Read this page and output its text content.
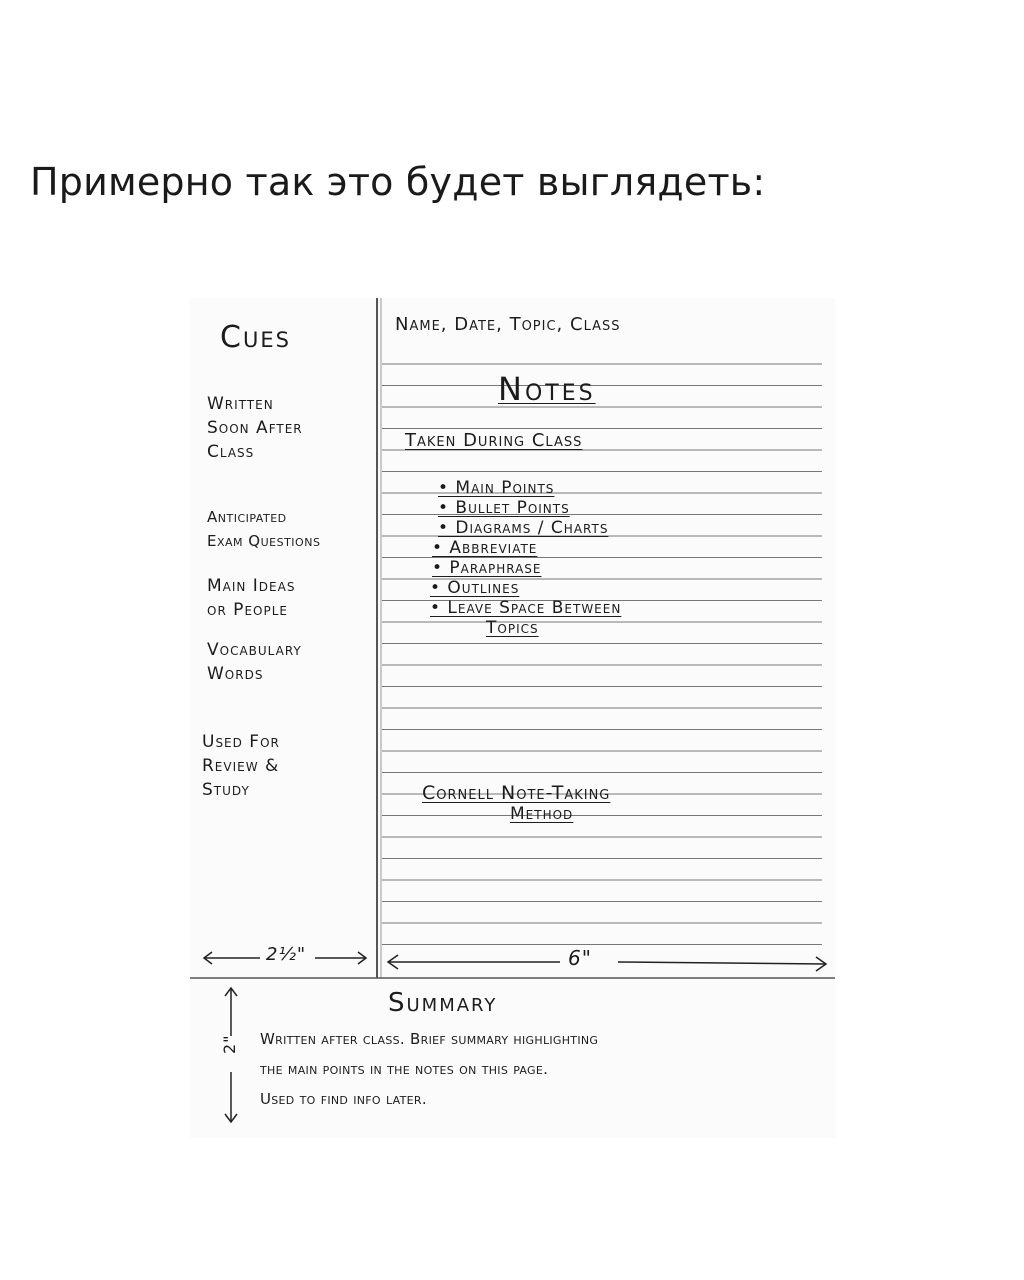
Примерно так это будет выглядеть:
Cues
Written
Soon After
Class
Anticipated
Exam Questions
Main Ideas
or People
Vocabulary
Words
Used For
Review &
Study
Name, Date, Topic, Class
Notes
Taken During Class
• Main Points
• Bullet Points
• Diagrams / Charts
• Abbreviate
• Paraphrase
• Outlines
• Leave Space Between
Topics
Cornell Note-Taking
Method
2½"	6"
2"
Summary
Written after class. Brief summary highlighting
the main points in the notes on this page.
Used to find info later.
